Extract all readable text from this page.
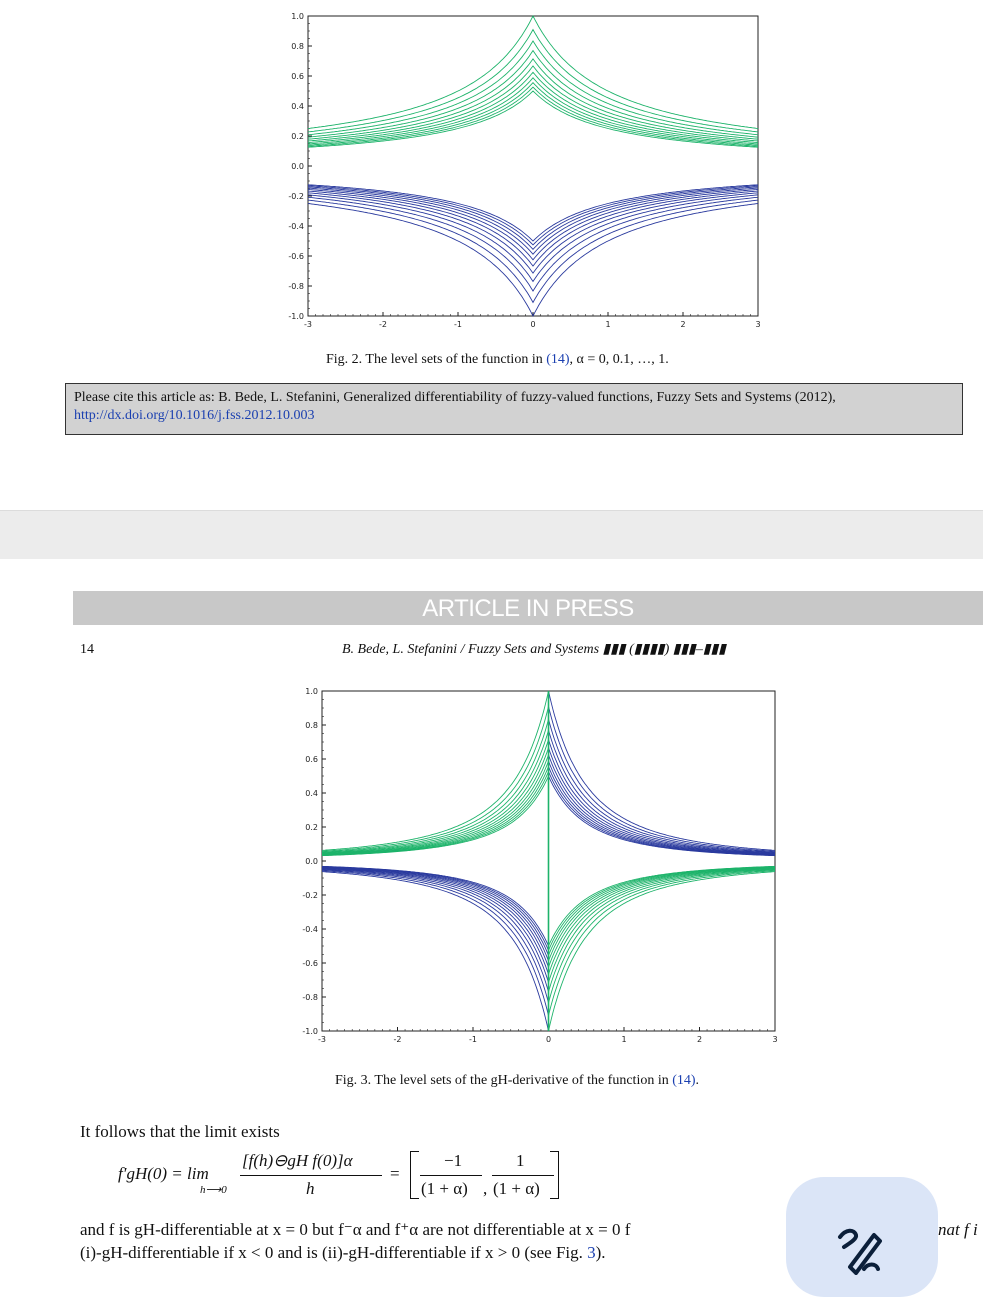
1.0
0.8
0.6
0.4
0.2
0.0
-0.2
-0.4
-0.6
-0.8
-1.0
-3	-2	-1	0	1	2	3
Fig. 2. The level sets of the function in (14), α = 0, 0.1, …, 1.
Please cite this article as: B. Bede, L. Stefanini, Generalized differentiability of fuzzy-valued functions, Fuzzy Sets and Systems (2012),
http://dx.doi.org/10.1016/j.fss.2012.10.003
ARTICLE IN PRESS
14	B. Bede, L. Stefanini / Fuzzy Sets and Systems ▮▮▮ (▮▮▮▮) ▮▮▮–▮▮▮
1.0
0.8
0.6
0.4
0.2
0.0
-0.2
-0.4
-0.6
-0.8
-1.0
-3	-2	-1	0	1	2	3
Fig. 3. The level sets of the gH-derivative of the function in (14).
It follows that the limit exists
f′gH(0) = lim
h⟶0
[f(h)⊖gH f(0)]α
h
=
−1
(1 + α) ,
1
(1 + α)
and f is gH-differentiable at x = 0 but f⁻α and f⁺α are not differentiable at x = 0 f	nat f i
(i)-gH-differentiable if x < 0 and is (ii)-gH-differentiable if x > 0 (see Fig. 3).
